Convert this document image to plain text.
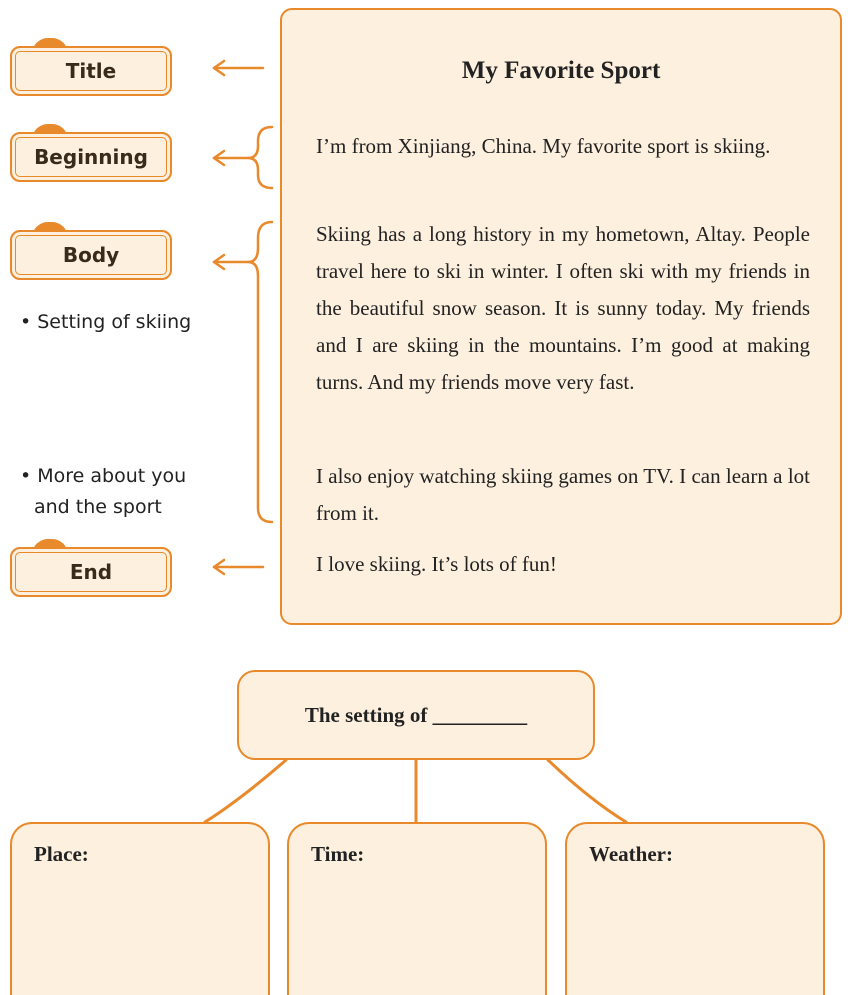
Title
Beginning
Body
End
• Setting of skiing
• More about you
and the sport
My Favorite Sport

I’m from Xinjiang, China. My favorite sport is skiing.

Skiing has a long history in my hometown, Altay. People travel here to ski in winter. I often ski with my friends in the beautiful snow season. It is sunny today. My friends and I are skiing in the mountains. I’m good at making turns. And my friends move very fast.

I also enjoy watching skiing games on TV. I can learn a lot from it.

I love skiing. It’s lots of fun!

The setting of _________
Place:	Time:	Weather:
